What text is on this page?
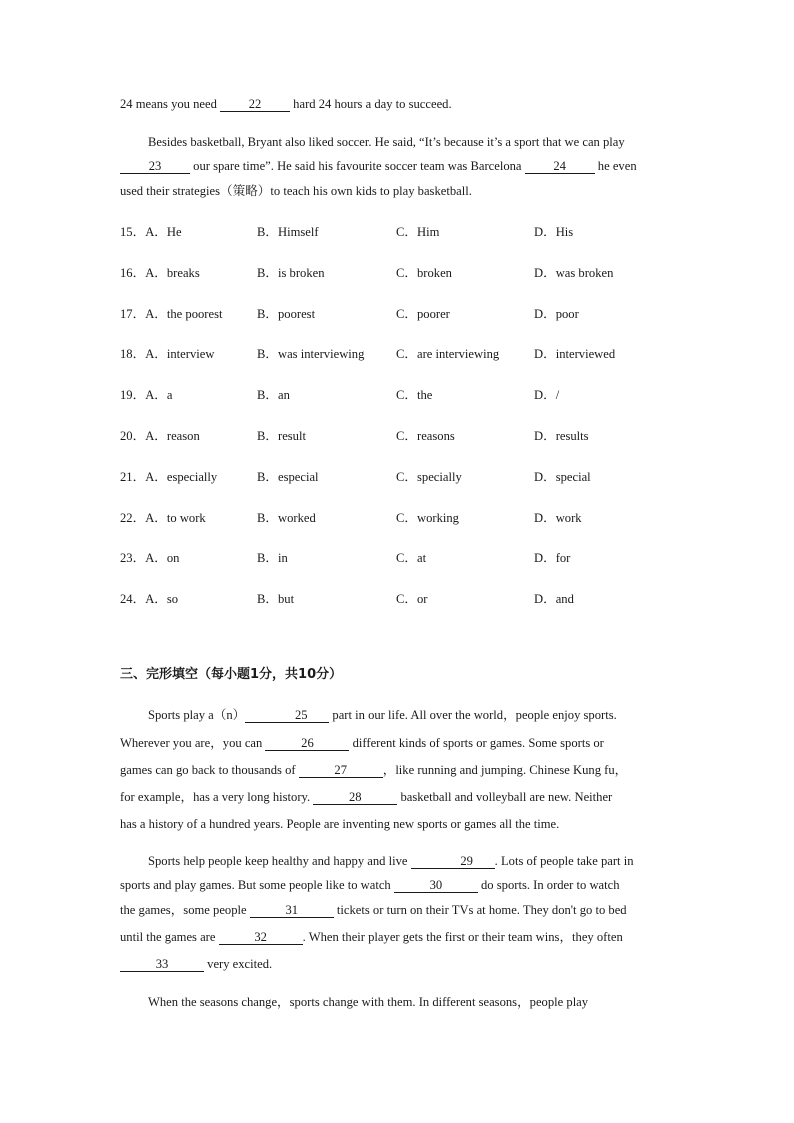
24 means you need 22 hard 24 hours a day to succeed.
Besides basketball, Bryant also liked soccer. He said, “It’s because it’s a sport that we can play
23 our spare time”. He said his favourite soccer team was Barcelona 24 he even
used their strategies（策略）to teach his own kids to play basketball.
15．A．He	B．Himself	C．Him	D．His
16．A．breaks	B．is broken	C．broken	D．was broken
17．A．the poorest	B．poorest	C．poorer	D．poor
18．A．interview	B．was interviewing	C．are interviewing	D．interviewed
19．A．a	B．an	C．the	D．/
20．A．reason	B．result	C．reasons	D．results
21．A．especially	B．especial	C．specially	D．special
22．A．to work	B．worked	C．working	D．work
23．A．on	B．in	C．at	D．for
24．A．so	B．but	C．or	D．and
三、完形填空（每小题1分，共10分）
Sports play a（n）	25 part in our life. All over the world，people enjoy sports.
Wherever you are，you can	26	different kinds of sports or games. Some sports or
games can go back to thousands of	27	，like running and jumping. Chinese Kung fu，
for example，has a very long history.	28	basketball and volleyball are new. Neither
has a history of a hundred years. People are inventing new sports or games all the time.
Sports help people keep healthy and happy and live	29 . Lots of people take part in
sports and play games. But some people like to watch	30	do sports. In order to watch
the games，some people	31	tickets or turn on their TVs at home. They don't go to bed
until the games are	32	. When their player gets the first or their team wins，they often
33	very excited.
When the seasons change，sports change with them. In different seasons，people play
